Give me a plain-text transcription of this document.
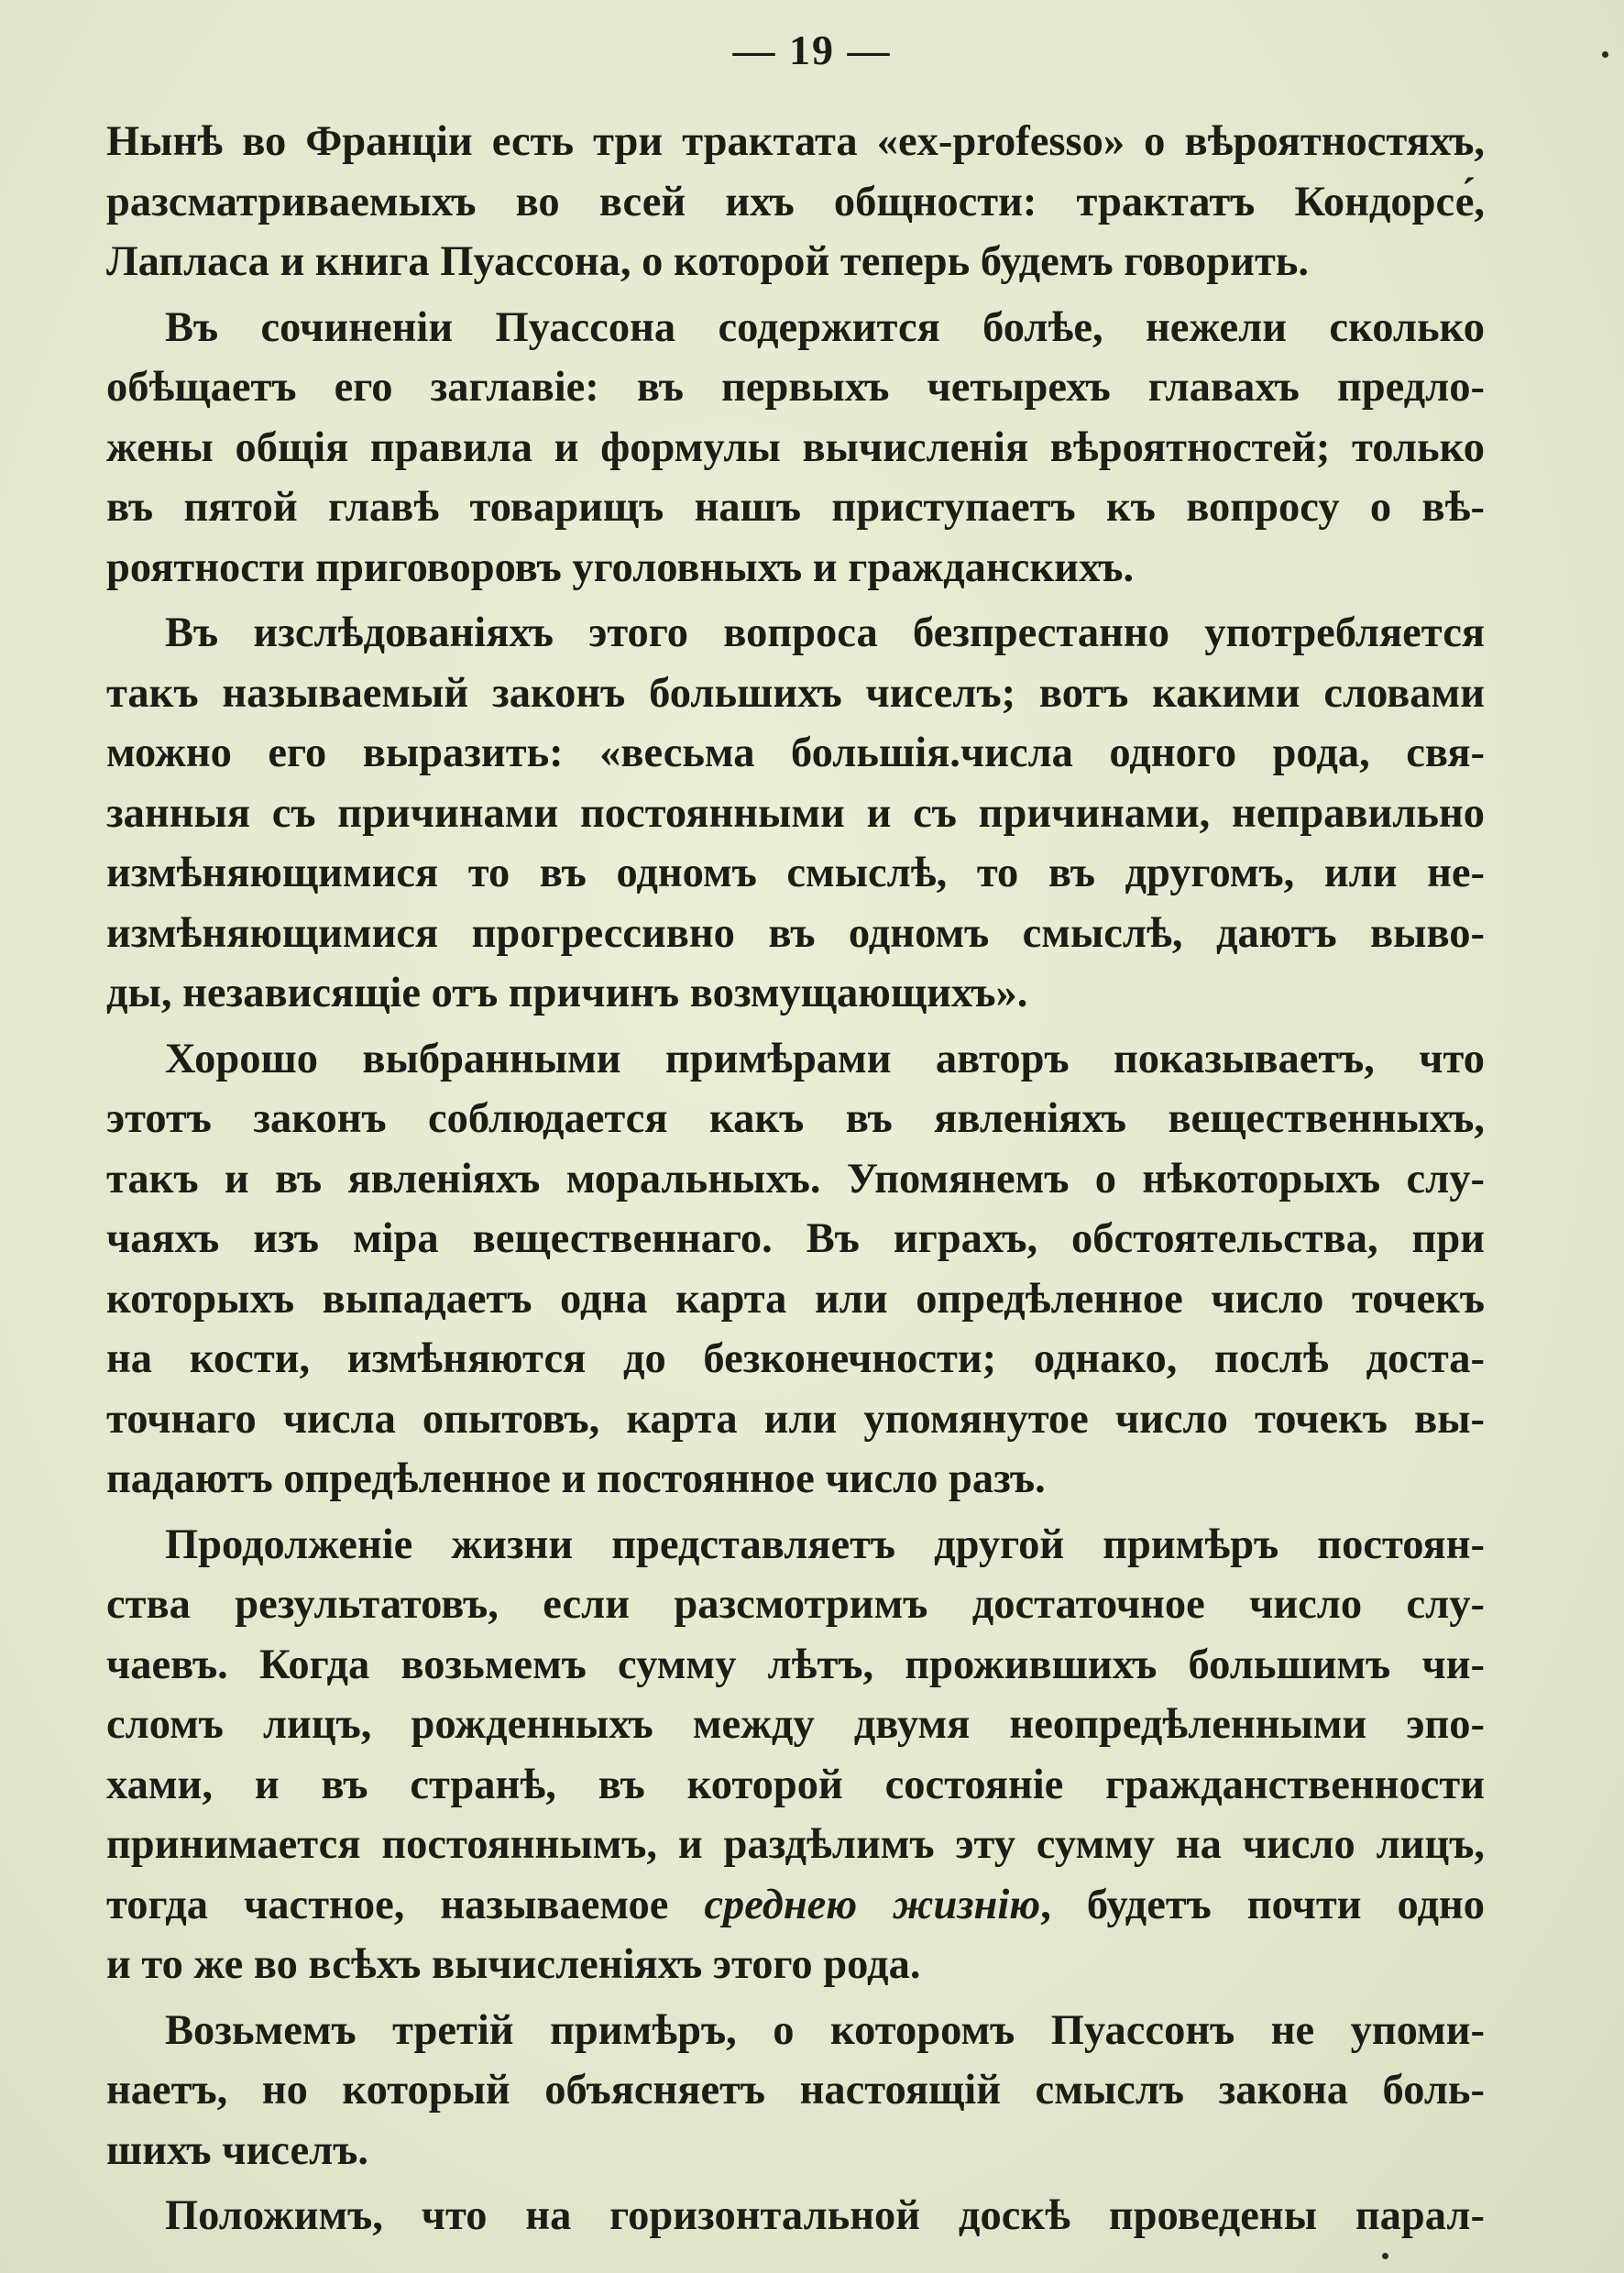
— 19 —
Нынѣ во Франціи есть три трактата «ex-professo» о вѣроятностяхъ,
разсматриваемыхъ во всей ихъ общности: трактатъ Кондорсе́,
Лапласа и книга Пуассона, о которой теперь будемъ говорить.
Въ сочиненіи Пуассона содержится болѣе, нежели сколько
обѣщаетъ его заглавіе: въ первыхъ четырехъ главахъ предло-
жены общія правила и формулы вычисленія вѣроятностей; только
въ пятой главѣ товарищъ нашъ приступаетъ къ вопросу о вѣ-
роятности приговоровъ уголовныхъ и гражданскихъ.
Въ изслѣдованіяхъ этого вопроса безпрестанно употребляется
такъ называемый законъ большихъ чиселъ; вотъ какими словами
можно его выразить: «весьма большія.числа одного рода, свя-
занныя съ причинами постоянными и съ причинами, неправильно
измѣняющимися то въ одномъ смыслѣ, то въ другомъ, или не-
измѣняющимися прогрессивно въ одномъ смыслѣ, даютъ выво-
ды, независящіе отъ причинъ возмущающихъ».
Хорошо выбранными примѣрами авторъ показываетъ, что
этотъ законъ соблюдается какъ въ явленіяхъ вещественныхъ,
такъ и въ явленіяхъ моральныхъ. Упомянемъ о нѣкоторыхъ слу-
чаяхъ изъ міра вещественнаго. Въ играхъ, обстоятельства, при
которыхъ выпадаетъ одна карта или опредѣленное число точекъ
на кости, измѣняются до безконечности; однако, послѣ доста-
точнаго числа опытовъ, карта или упомянутое число точекъ вы-
падаютъ опредѣленное и постоянное число разъ.
Продолженіе жизни представляетъ другой примѣръ постоян-
ства результатовъ, если разсмотримъ достаточное число слу-
чаевъ. Когда возьмемъ сумму лѣтъ, прожившихъ большимъ чи-
сломъ лицъ, рожденныхъ между двумя неопредѣленными эпо-
хами, и въ странѣ, въ которой состояніе гражданственности
принимается постояннымъ, и раздѣлимъ эту сумму на число лицъ,
тогда частное, называемое среднею жизнію, будетъ почти одно
и то же во всѣхъ вычисленіяхъ этого рода.
Возьмемъ третій примѣръ, о которомъ Пуассонъ не упоми-
наетъ, но который объясняетъ настоящій смыслъ закона боль-
шихъ чиселъ.
Положимъ, что на горизонтальной доскѣ проведены парал-
